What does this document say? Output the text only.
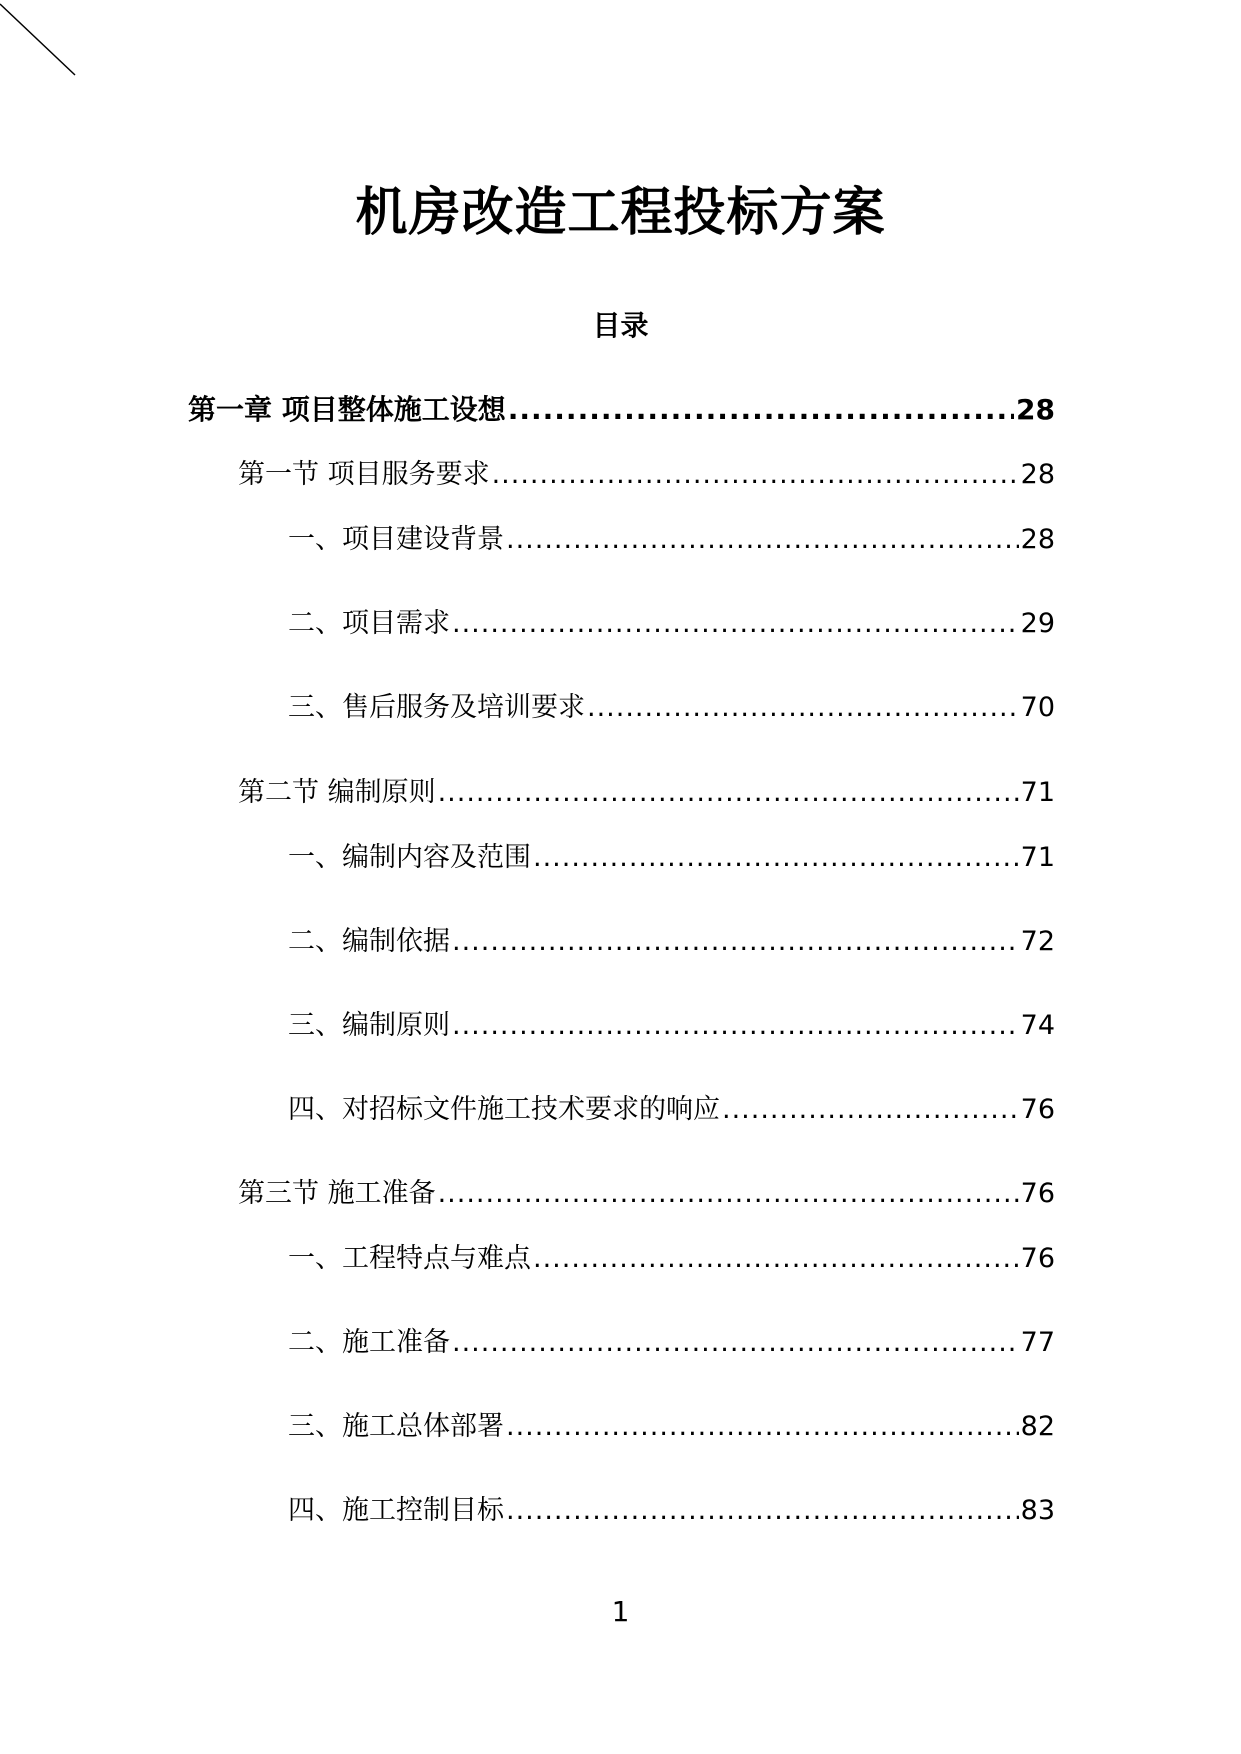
机房改造工程投标方案
目录
第一章 项目整体施工设想 .....	28
第一节 项目服务要求 .....	28
一、项目建设背景 .....	28
二、项目需求 .....	29
三、售后服务及培训要求 .....	70
第二节 编制原则 .....	71
一、编制内容及范围 .....	71
二、编制依据 .....	72
三、编制原则 .....	74
四、对招标文件施工技术要求的响应 .....	76
第三节 施工准备 .....	76
一、工程特点与难点 .....	76
二、施工准备 .....	77
三、施工总体部署 .....	82
四、施工控制目标 .....	83
1
